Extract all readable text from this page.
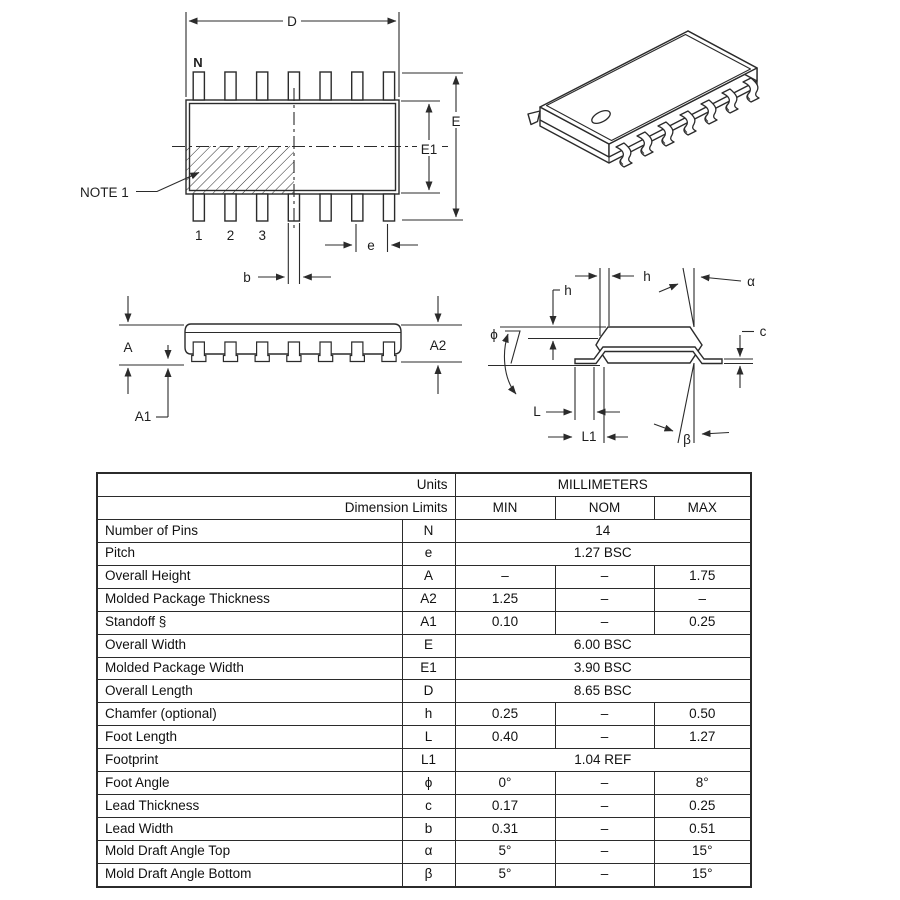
D
N
E
E1
NOTE 1
1 2 3
e
b
A
A1
A2
h
h
α
ϕ	c
L
L1	β
Units		MILLIMETERS		
Dimension Limits		MIN	NOM	MAX
Number of Pins	N	14		
Pitch	e	1.27 BSC		
Overall Height	A	–	–	1.75
Molded Package Thickness	A2	1.25	–	–
Standoff §	A1	0.10	–	0.25
Overall Width	E	6.00 BSC		
Molded Package Width	E1	3.90 BSC		
Overall Length	D	8.65 BSC		
Chamfer (optional)	h	0.25	–	0.50
Foot Length	L	0.40	–	1.27
Footprint	L1	1.04 REF		
Foot Angle	ϕ	0°	–	8°
Lead Thickness	c	0.17	–	0.25
Lead Width	b	0.31	–	0.51
Mold Draft Angle Top	α	5°	–	15°
Mold Draft Angle Bottom	β	5°	–	15°
